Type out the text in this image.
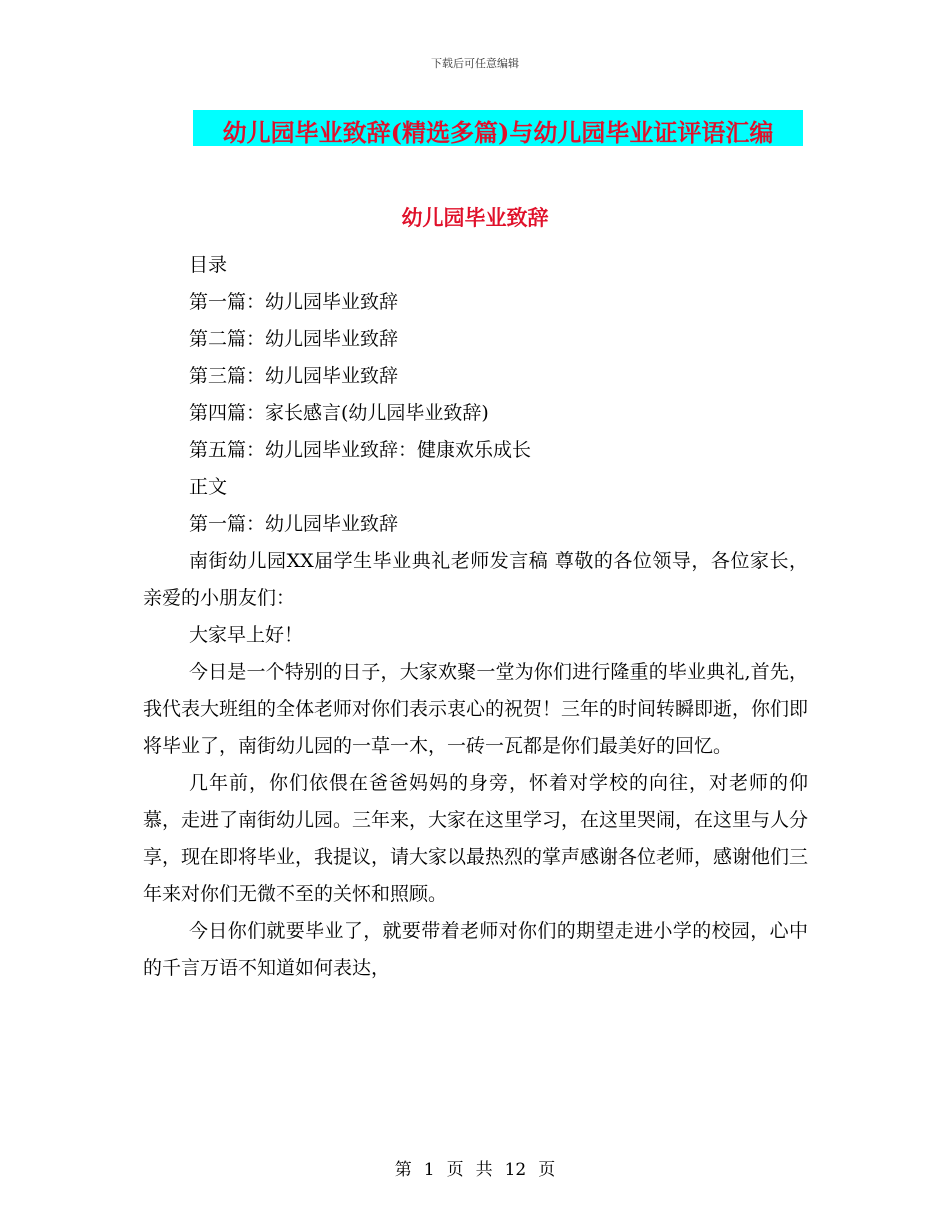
下载后可任意编辑
幼儿园毕业致辞(精选多篇)与幼儿园毕业证评语汇编
幼儿园毕业致辞
目录
第一篇：幼儿园毕业致辞
第二篇：幼儿园毕业致辞
第三篇：幼儿园毕业致辞
第四篇：家长感言(幼儿园毕业致辞)
第五篇：幼儿园毕业致辞：健康欢乐成长
正文
第一篇：幼儿园毕业致辞
南街幼儿园XX届学生毕业典礼老师发言稿 尊敬的各位领导，各位家长，亲爱的小朋友们：
大家早上好！
今日是一个特别的日子，大家欢聚一堂为你们进行隆重的毕业典礼,首先，我代表大班组的全体老师对你们表示衷心的祝贺！三年的时间转瞬即逝，你们即将毕业了，南街幼儿园的一草一木，一砖一瓦都是你们最美好的回忆。
几年前，你们依偎在爸爸妈妈的身旁，怀着对学校的向往，对老师的仰慕，走进了南街幼儿园。三年来，大家在这里学习，在这里哭闹，在这里与人分享，现在即将毕业，我提议，请大家以最热烈的掌声感谢各位老师，感谢他们三年来对你们无微不至的关怀和照顾。
今日你们就要毕业了，就要带着老师对你们的期望走进小学的校园，心中的千言万语不知道如何表达，
第 1 页 共 12 页
